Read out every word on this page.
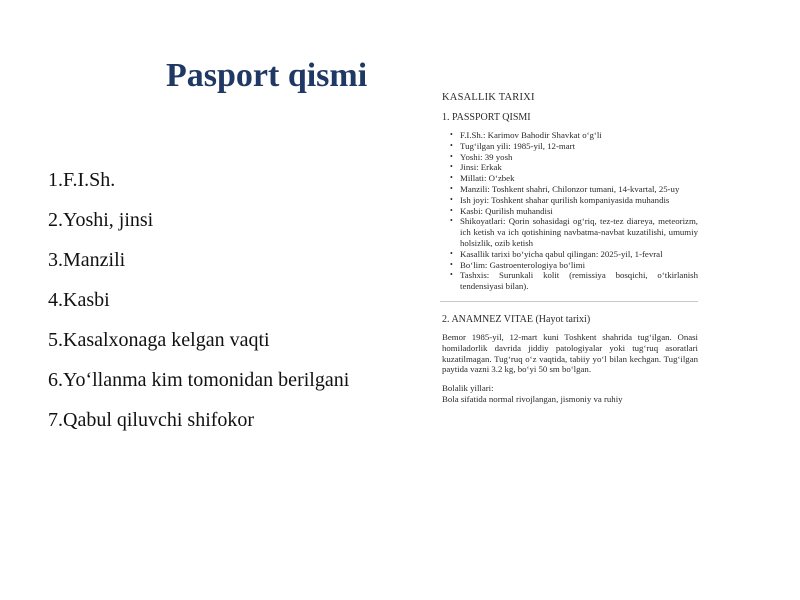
Pasport qismi
1.F.I.Sh.
2.Yoshi, jinsi
3.Manzili
4.Kasbi
5.Kasalxonaga kelgan vaqti
6.Yo‘llanma kim tomonidan berilgani
7.Qabul qiluvchi shifokor
KASALLIK TARIXI
1. PASSPORT QISMI
• F.I.Sh.: Karimov Bahodir Shavkat o‘g‘li
• Tug‘ilgan yili: 1985-yil, 12-mart
• Yoshi: 39 yosh
• Jinsi: Erkak
• Millati: O‘zbek
• Manzili: Toshkent shahri, Chilonzor tumani, 14-kvartal, 25-uy
• Ish joyi: Toshkent shahar qurilish kompaniyasida muhandis
• Kasbi: Qurilish muhandisi
• Shikoyatlari: Qorin sohasidagi og‘riq, tez-tez diareya, meteorizm, ich ketish va ich qotishining navbatma-navbat kuzatilishi, umumiy holsizlik, ozib ketish
• Kasallik tarixi bo‘yicha qabul qilingan: 2025-yil, 1-fevral
• Bo‘lim: Gastroenterologiya bo‘limi
• Tashxis: Surunkali kolit (remissiya bosqichi, o‘tkirlanish tendensiyasi bilan).
2. ANAMNEZ VITAE (Hayot tarixi)

Bemor 1985-yil, 12-mart kuni Toshkent shahrida tug‘ilgan. Onasi homiladorlik davrida jiddiy patologiyalar yoki tug‘ruq asoratlari kuzatilmagan. Tug‘ruq o‘z vaqtida, tabiiy yo‘l bilan kechgan. Tug‘ilgan paytida vazni 3.2 kg, bo‘yi 50 sm bo‘lgan.

Bolalik yillari:
Bola sifatida normal rivojlangan, jismoniy va ruhiy
